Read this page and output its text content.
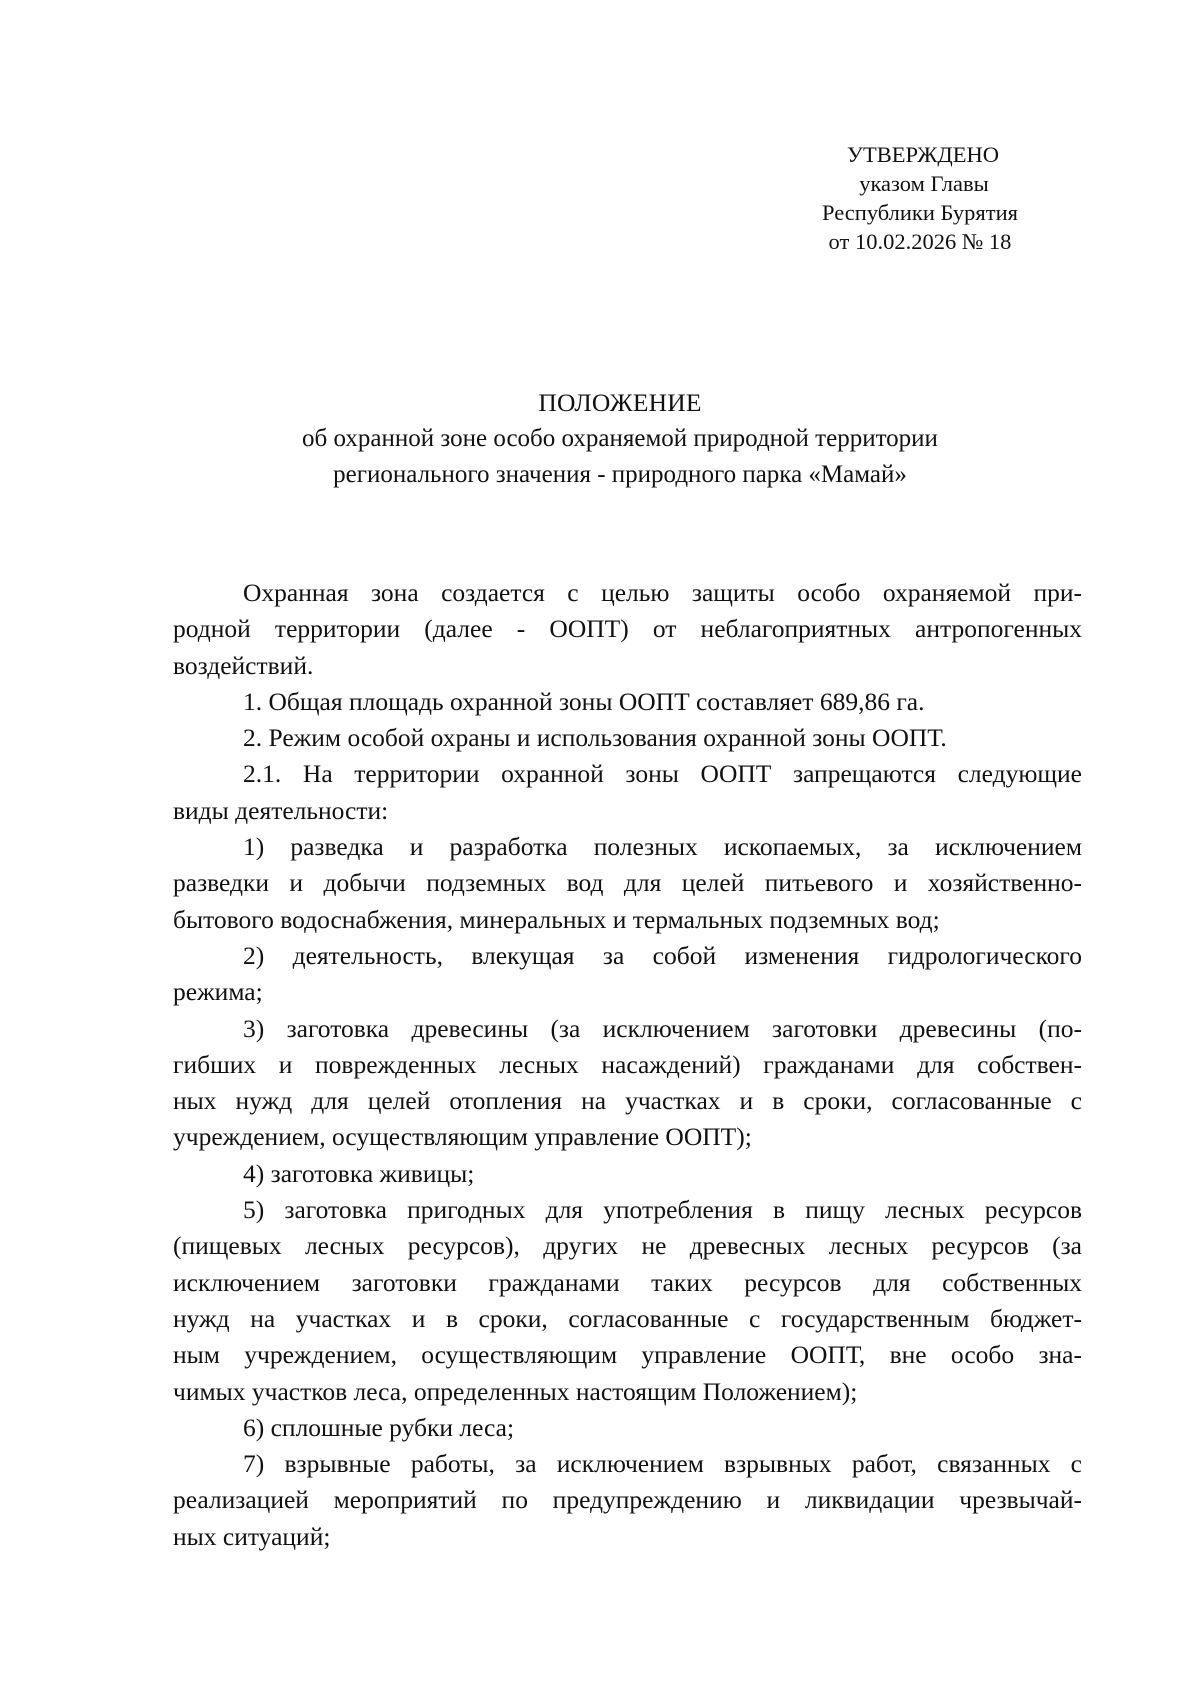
УТВЕРЖДЕНО
указом Главы
Республики Бурятия
от 10.02.2026 № 18
ПОЛОЖЕНИЕ
об охранной зоне особо охраняемой природной территории
регионального значения - природного парка «Мамай»
Охранная зона создается с целью защиты особо охраняемой при-
родной территории (далее - ООПТ) от неблагоприятных антропогенных
воздействий.
1. Общая площадь охранной зоны ООПТ составляет 689,86 га.
2. Режим особой охраны и использования охранной зоны ООПТ.
2.1. На территории охранной зоны ООПТ запрещаются следующие
виды деятельности:
1) разведка и разработка полезных ископаемых, за исключением
разведки и добычи подземных вод для целей питьевого и хозяйственно-
бытового водоснабжения, минеральных и термальных подземных вод;
2) деятельность, влекущая за собой изменения гидрологического
режима;
3) заготовка древесины (за исключением заготовки древесины (по-
гибших и поврежденных лесных насаждений) гражданами для собствен-
ных нужд для целей отопления на участках и в сроки, согласованные с
учреждением, осуществляющим управление ООПТ);
4) заготовка живицы;
5) заготовка пригодных для употребления в пищу лесных ресурсов
(пищевых лесных ресурсов), других не древесных лесных ресурсов (за
исключением заготовки гражданами таких ресурсов для собственных
нужд на участках и в сроки, согласованные с государственным бюджет-
ным учреждением, осуществляющим управление ООПТ, вне особо зна-
чимых участков леса, определенных настоящим Положением);
6) сплошные рубки леса;
7) взрывные работы, за исключением взрывных работ, связанных с
реализацией мероприятий по предупреждению и ликвидации чрезвычай-
ных ситуаций;
